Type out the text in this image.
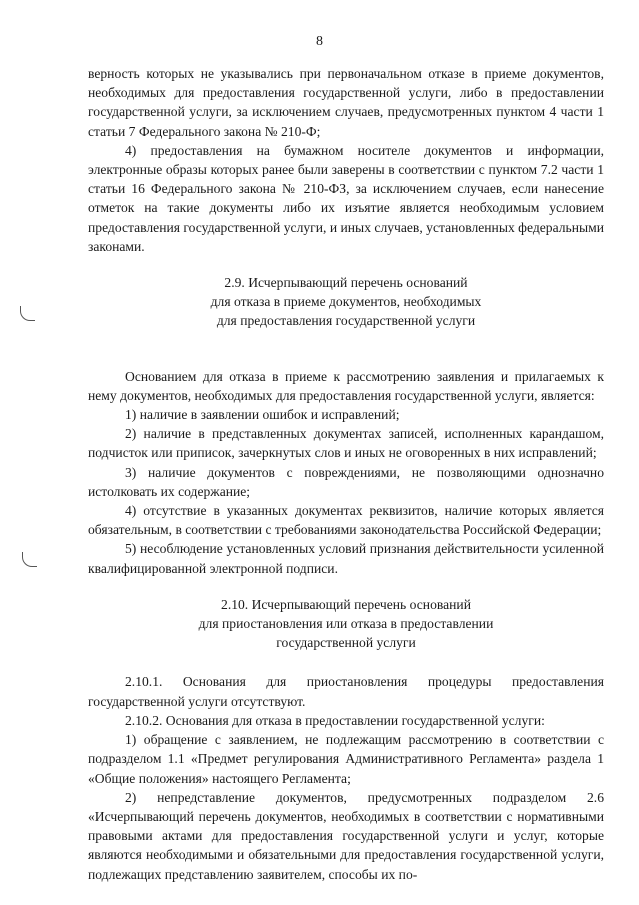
8

верность которых не указывались при первоначальном отказе в приеме документов, необходимых для предоставления государственной услуги, либо в предоставлении государственной услуги, за исключением случаев, предусмотренных пунктом 4 части 1 статьи 7 Федерального закона № 210-Ф;

4) предоставления на бумажном носителе документов и информации, электронные образы которых ранее были заверены в соответствии с пунктом 7.2 части 1 статьи 16 Федерального закона № 210-ФЗ, за исключением случаев, если нанесение отметок на такие документы либо их изъятие является необходимым условием предоставления государственной услуги, и иных случаев, установленных федеральными законами.

2.9. Исчерпывающий перечень оснований
для отказа в приеме документов, необходимых
для предоставления государственной услуги

Основанием для отказа в приеме к рассмотрению заявления и прилагаемых к нему документов, необходимых для предоставления государственной услуги, является:

1) наличие в заявлении ошибок и исправлений;

2) наличие в представленных документах записей, исполненных карандашом, подчисток или приписок, зачеркнутых слов и иных не оговоренных в них исправлений;

3) наличие документов с повреждениями, не позволяющими однозначно истолковать их содержание;

4) отсутствие в указанных документах реквизитов, наличие которых является обязательным, в соответствии с требованиями законодательства Российской Федерации;

5) несоблюдение установленных условий признания действительности усиленной квалифицированной электронной подписи.

2.10. Исчерпывающий перечень оснований
для приостановления или отказа в предоставлении
государственной услуги

2.10.1. Основания для приостановления процедуры предоставления государственной услуги отсутствуют.

2.10.2. Основания для отказа в предоставлении государственной услуги:

1) обращение с заявлением, не подлежащим рассмотрению в соответствии с подразделом 1.1 «Предмет регулирования Административного Регламента» раздела 1 «Общие положения» настоящего Регламента;

2) непредставление документов, предусмотренных подразделом 2.6 «Исчерпывающий перечень документов, необходимых в соответствии с нормативными правовыми актами для предоставления государственной услуги и услуг, которые являются необходимыми и обязательными для предоставления государственной услуги, подлежащих представлению заявителем, способы их по-
